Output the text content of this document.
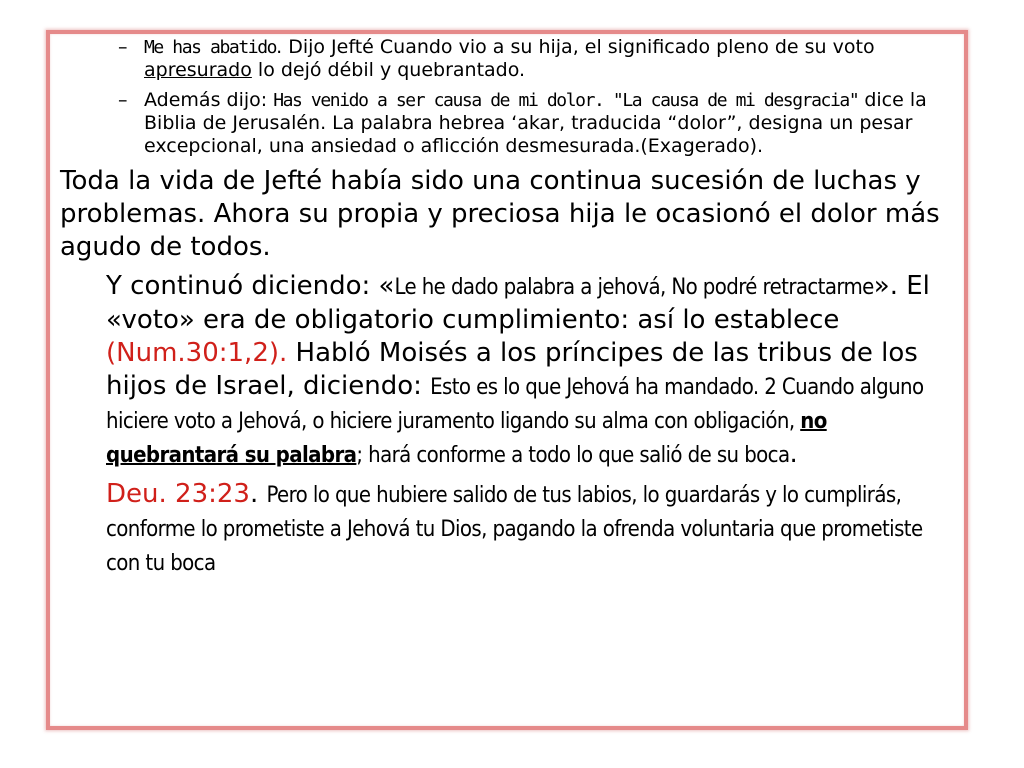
– Me has abatido. Dijo Jefté Cuando vio a su hija, el significado pleno de su voto apresurado lo dejó débil y quebrantado.
– Además dijo: Has venido a ser causa de mi dolor. "La causa de mi desgracia" dice la Biblia de Jerusalén. La palabra hebrea ‘akar, traducida “dolor”, designa un pesar excepcional, una ansiedad o aflicción desmesurada.(Exagerado).
Toda la vida de Jefté había sido una continua sucesión de luchas y problemas. Ahora su propia y preciosa hija le ocasionó el dolor más agudo de todos.
Y continuó diciendo: «Le he dado palabra a jehová, No podré retractarme». El «voto» era de obligatorio cumplimiento: así lo establece (Num.30:1,2). Habló Moisés a los príncipes de las tribus de los hijos de Israel, diciendo: Esto es lo que Jehová ha mandado. 2 Cuando alguno hiciere voto a Jehová, o hiciere juramento ligando su alma con obligación, no quebrantará su palabra; hará conforme a todo lo que salió de su boca.
Deu. 23:23. Pero lo que hubiere salido de tus labios, lo guardarás y lo cumplirás, conforme lo prometiste a Jehová tu Dios, pagando la ofrenda voluntaria que prometiste con tu boca
